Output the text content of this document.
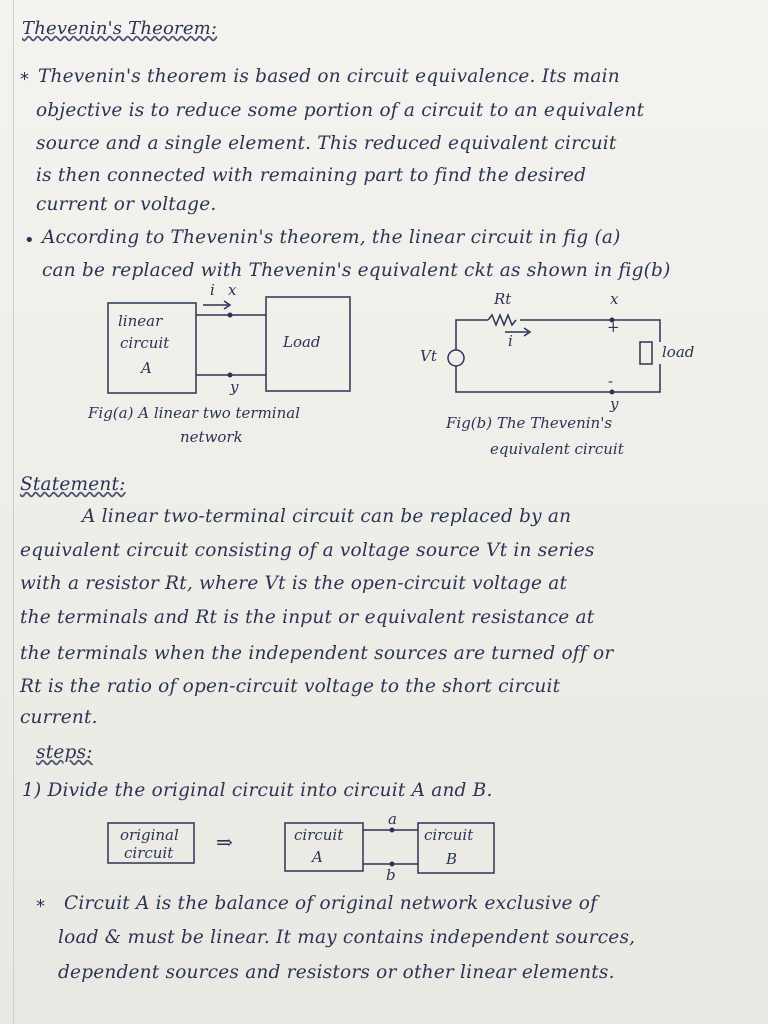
Thevenin's Theorem:
* Thevenin's theorem is based on circuit equivalence. Its main
objective is to reduce some portion of a circuit to an equivalent
source and a single element. This reduced equivalent circuit
is then connected with remaining part to find the desired
current or voltage.
• According to Thevenin's theorem, the linear circuit in fig (a)
can be replaced with Thevenin's equivalent ckt as shown in fig(b)
linear
circuit
A
Load
i x
y
Fig(a) A linear two terminal
network
Rt	x
+
i
Vt	load
-
y
Fig(b) The Thevenin's
equivalent circuit
Statement:
A linear two-terminal circuit can be replaced by an
equivalent circuit consisting of a voltage source Vt in series
with a resistor Rt, where Vt is the open-circuit voltage at
the terminals and Rt is the input or equivalent resistance at
the terminals when the independent sources are turned off or
Rt is the ratio of open-circuit voltage to the short circuit
current.
steps:
1) Divide the original circuit into circuit A and B.
original
circuit ⇒	circuit
A
circuit
B
a
b
* Circuit A is the balance of original network exclusive of
load & must be linear. It may contains independent sources,
dependent sources and resistors or other linear elements.
